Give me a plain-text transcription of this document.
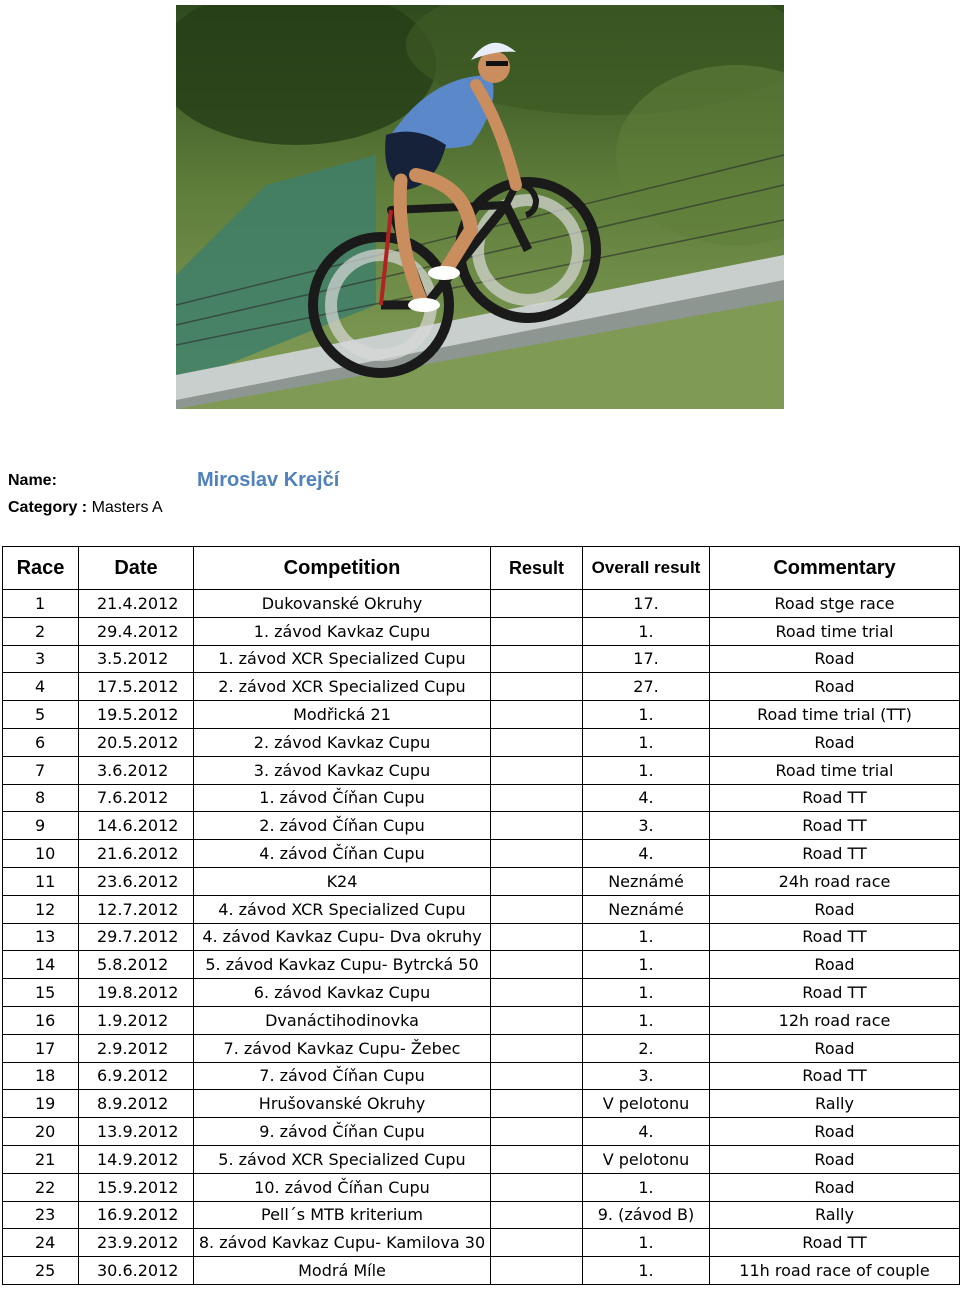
Name:	Miroslav Krejčí
Category : Masters A
Race	Date	Competition	Result	Overall result	Commentary
1	21.4.2012	Dukovanské Okruhy		17.	Road stge race
2	29.4.2012	1. závod Kavkaz Cupu		1.	Road time trial
3	3.5.2012	1. závod XCR Specialized Cupu		17.	Road
4	17.5.2012	2. závod XCR Specialized Cupu		27.	Road
5	19.5.2012	Modřická 21		1.	Road time trial (TT)
6	20.5.2012	2. závod Kavkaz Cupu		1.	Road
7	3.6.2012	3. závod Kavkaz Cupu		1.	Road time trial
8	7.6.2012	1. závod Číňan Cupu		4.	Road TT
9	14.6.2012	2. závod Číňan Cupu		3.	Road TT
10	21.6.2012	4. závod Číňan Cupu		4.	Road TT
11	23.6.2012	K24		Neznámé	24h road race
12	12.7.2012	4. závod XCR Specialized Cupu		Neznámé	Road
13	29.7.2012	4. závod Kavkaz Cupu- Dva okruhy		1.	Road TT
14	5.8.2012	5. závod Kavkaz Cupu- Bytrcká 50		1.	Road
15	19.8.2012	6. závod Kavkaz Cupu		1.	Road TT
16	1.9.2012	Dvanáctihodinovka		1.	12h road race
17	2.9.2012	7. závod Kavkaz Cupu- Žebec		2.	Road
18	6.9.2012	7. závod Číňan Cupu		3.	Road TT
19	8.9.2012	Hrušovanské Okruhy		V pelotonu	Rally
20	13.9.2012	9. závod Číňan Cupu		4.	Road
21	14.9.2012	5. závod XCR Specialized Cupu		V pelotonu	Road
22	15.9.2012	10. závod Číňan Cupu		1.	Road
23	16.9.2012	Pell´s MTB kriterium		9. (závod B)	Rally
24	23.9.2012	8. závod Kavkaz Cupu- Kamilova 30		1.	Road TT
25	30.6.2012	Modrá Míle		1.	11h road race of couple
